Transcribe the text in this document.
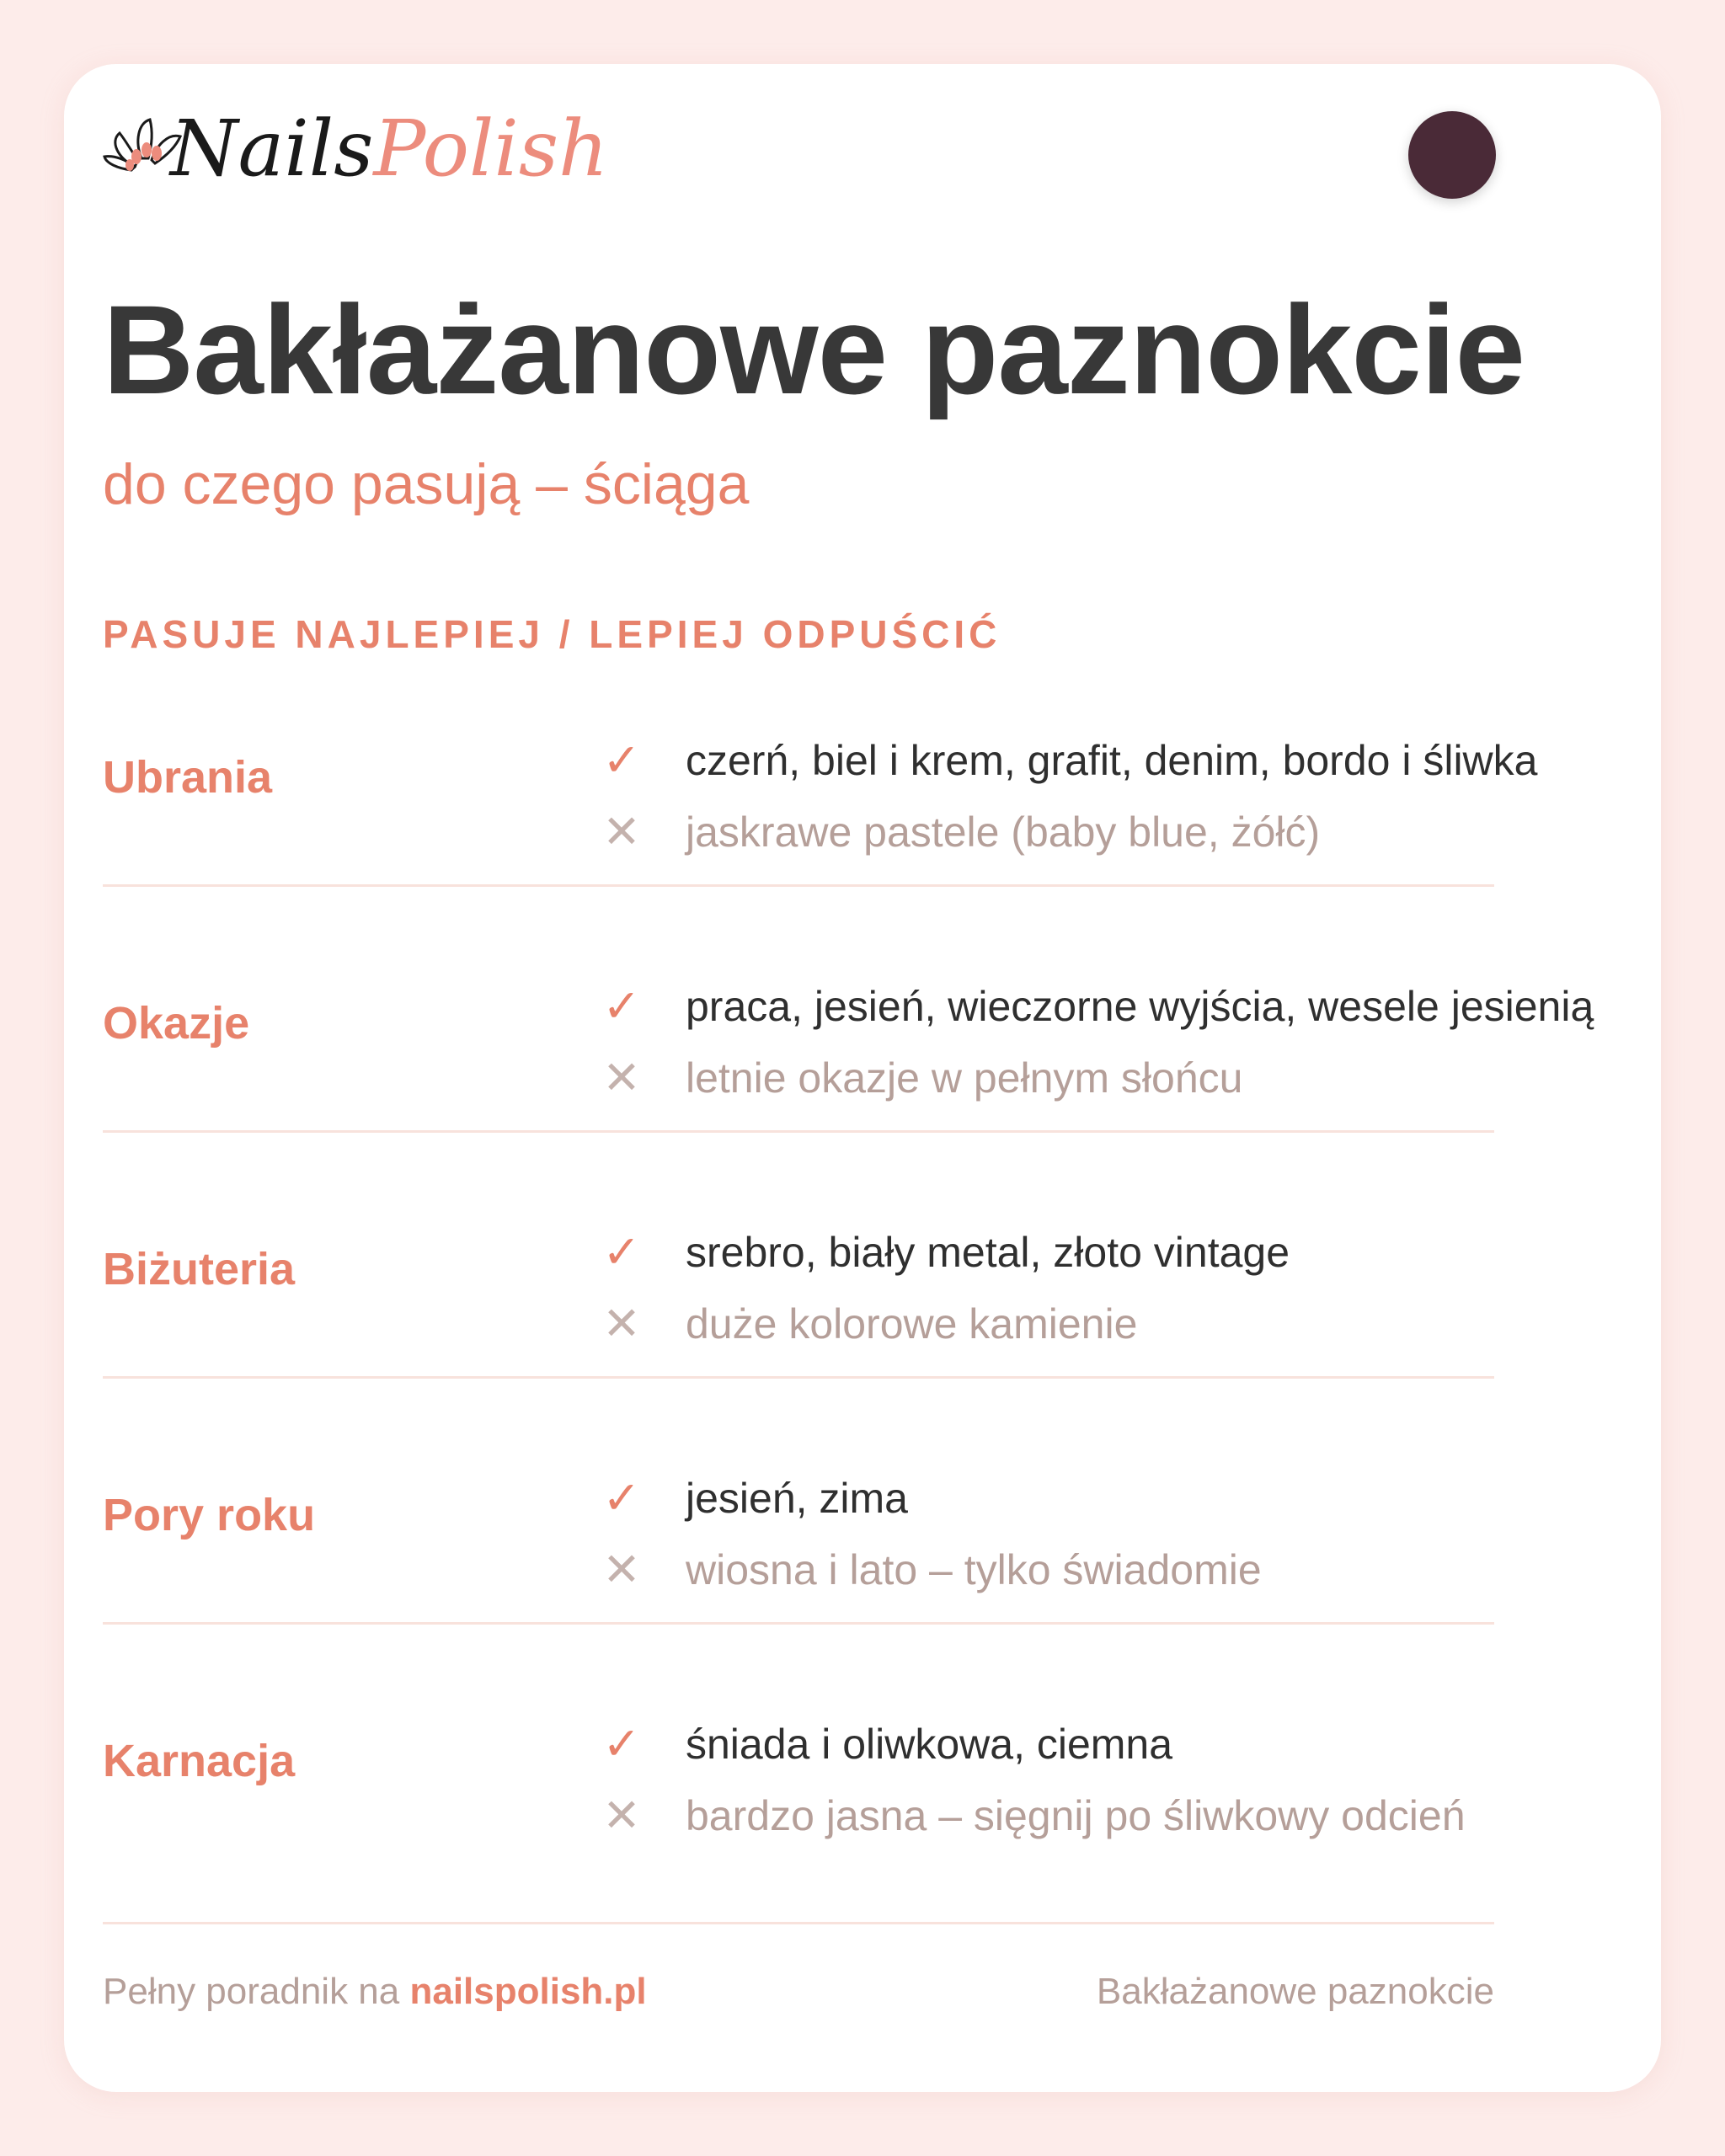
NailsPolish
Bakłażanowe paznokcie
do czego pasują – ściąga
PASUJE NAJLEPIEJ / LEPIEJ ODPUŚCIĆ
Ubrania	✓ czerń, biel i krem, grafit, denim, bordo i śliwka
✕ jaskrawe pastele (baby blue, żółć)
Okazje	✓ praca, jesień, wieczorne wyjścia, wesele jesienią
✕ letnie okazje w pełnym słońcu
Biżuteria	✓ srebro, biały metal, złoto vintage
✕ duże kolorowe kamienie
Pory roku	✓ jesień, zima
✕ wiosna i lato – tylko świadomie
Karnacja	✓ śniada i oliwkowa, ciemna
✕ bardzo jasna – sięgnij po śliwkowy odcień
Pełny poradnik na nailspolish.pl	Bakłażanowe paznokcie
